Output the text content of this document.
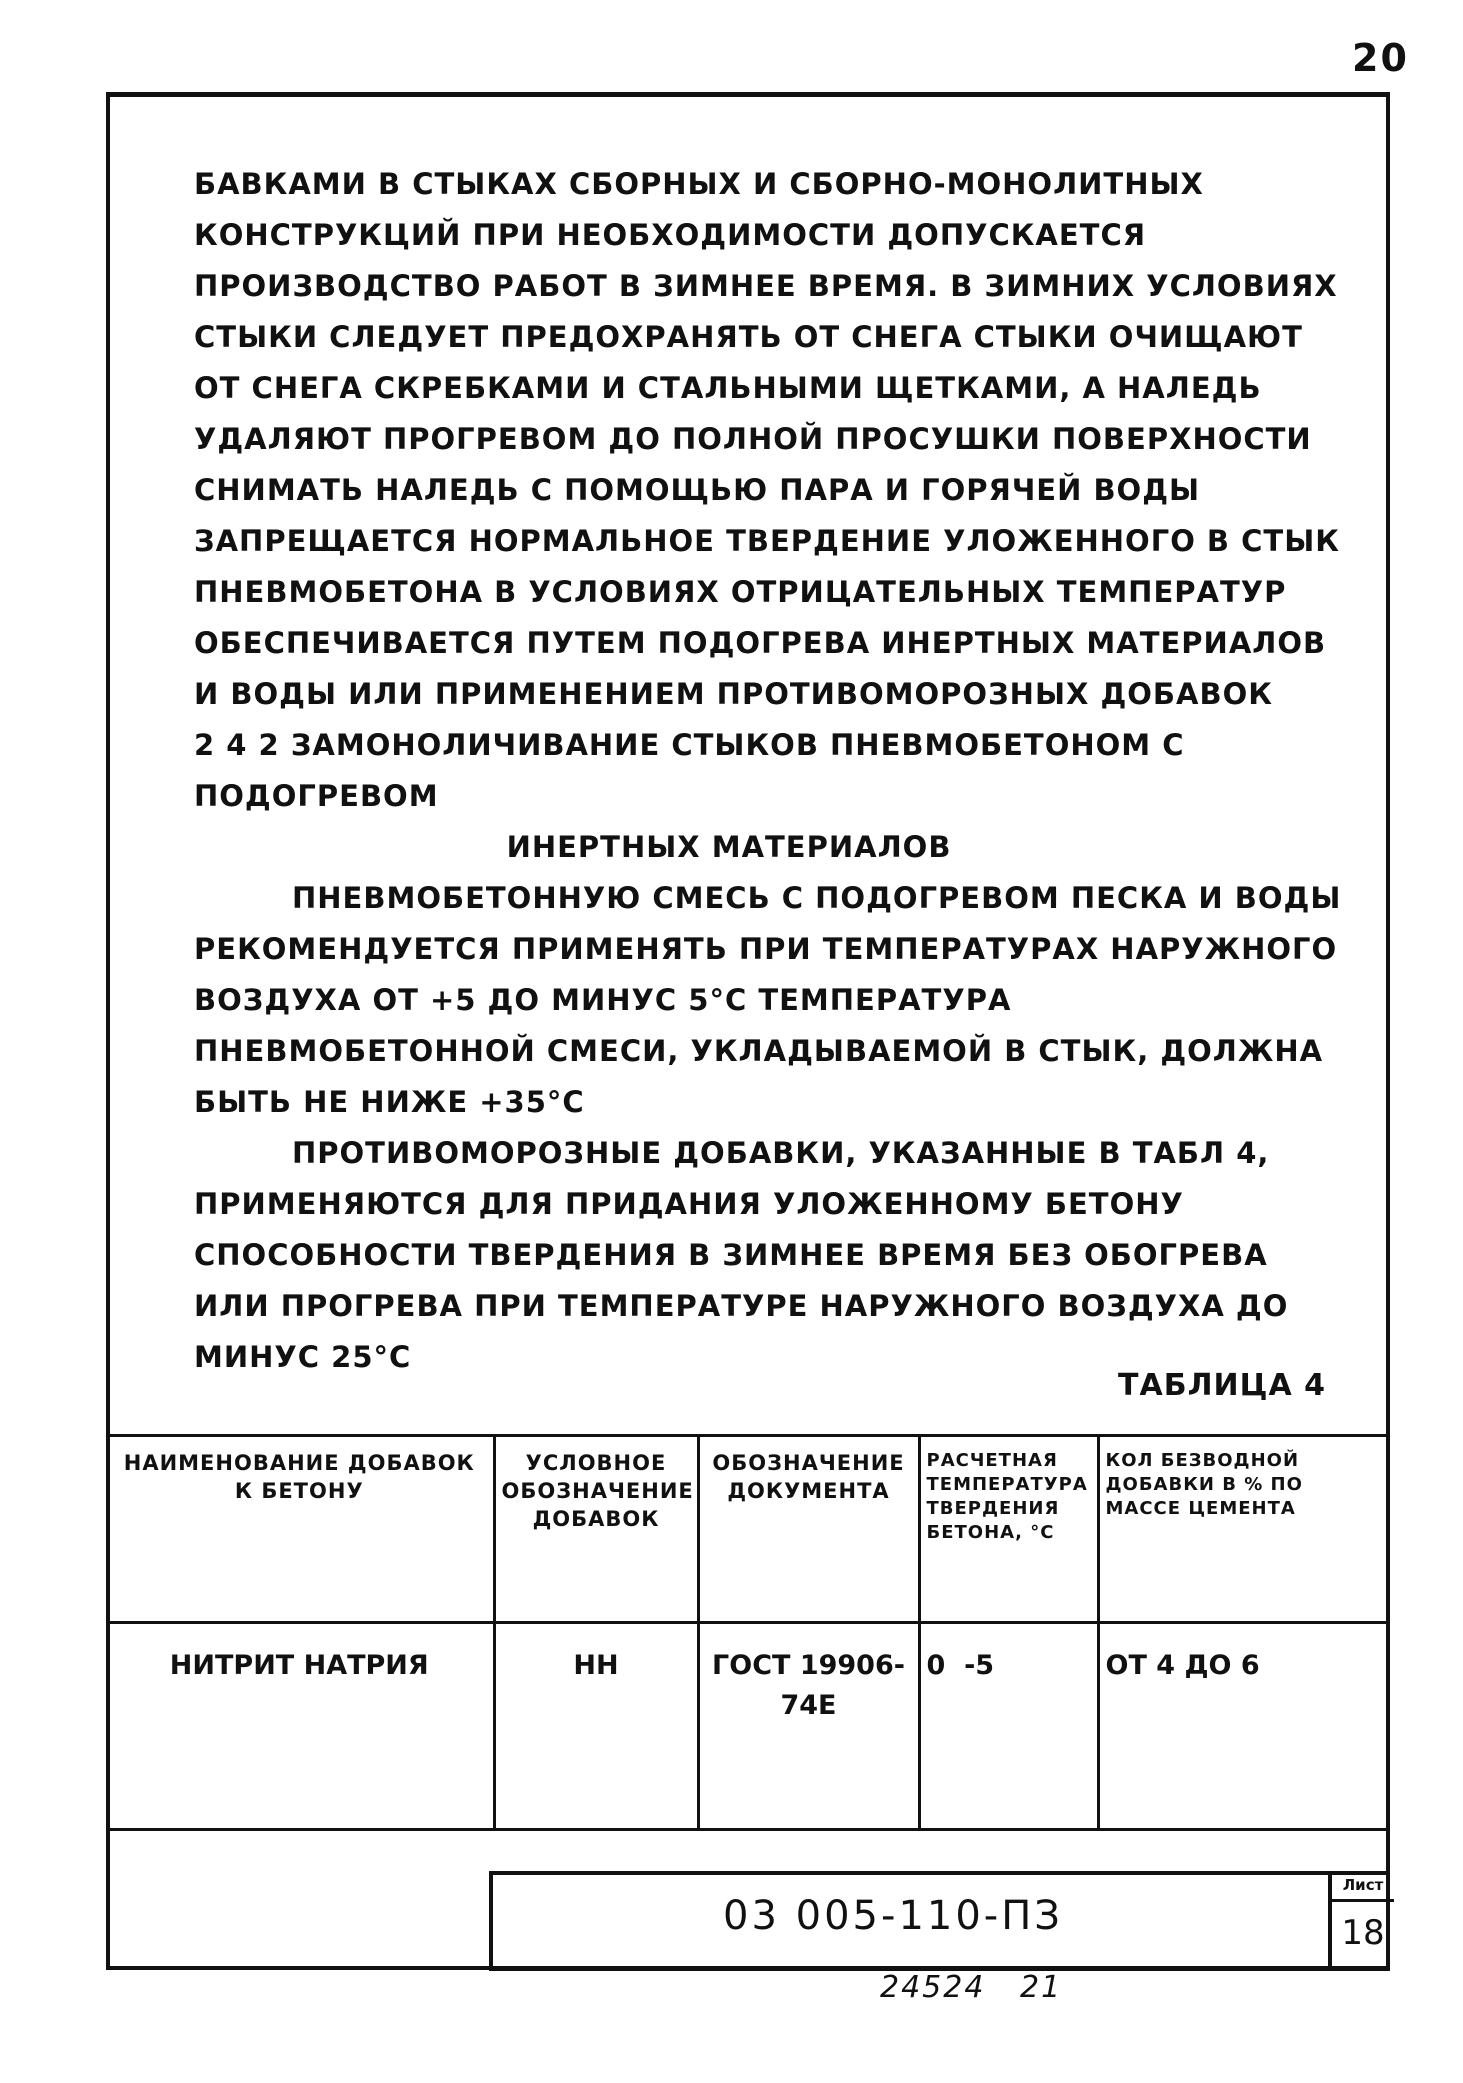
20

БАВКАМИ В СТЫКАХ СБОРНЫХ И СБОРНО-МОНОЛИТНЫХ КОНСТРУКЦИЙ ПРИ НЕОБХОДИМОСТИ ДОПУСКАЕТСЯ ПРОИЗВОДСТВО РАБОТ В ЗИМНЕЕ ВРЕМЯ. В ЗИМНИХ УСЛОВИЯХ СТЫКИ СЛЕДУЕТ ПРЕДОХРАНЯТЬ ОТ СНЕГА СТЫКИ ОЧИЩАЮТ ОТ СНЕГА СКРЕБКАМИ И СТАЛЬНЫМИ ЩЕТКАМИ, А НАЛЕДЬ УДАЛЯЮТ ПРОГРЕВОМ ДО ПОЛНОЙ ПРОСУШКИ ПОВЕРХНОСТИ СНИМАТЬ НАЛЕДЬ С ПОМОЩЬЮ ПАРА И ГОРЯЧЕЙ ВОДЫ ЗАПРЕЩАЕТСЯ НОРМАЛЬНОЕ ТВЕРДЕНИЕ УЛОЖЕННОГО В СТЫК ПНЕВМОБЕТОНА В УСЛОВИЯХ ОТРИЦАТЕЛЬНЫХ ТЕМПЕРАТУР ОБЕСПЕЧИВАЕТСЯ ПУТЕМ ПОДОГРЕВА ИНЕРТНЫХ МАТЕРИАЛОВ И ВОДЫ ИЛИ ПРИМЕНЕНИЕМ ПРОТИВОМОРОЗНЫХ ДОБАВОК

2 4 2 ЗАМОНОЛИЧИВАНИЕ СТЫКОВ ПНЕВМОБЕТОНОМ С ПОДОГРЕВОМ

ИНЕРТНЫХ МАТЕРИАЛОВ

ПНЕВМОБЕТОННУЮ СМЕСЬ С ПОДОГРЕВОМ ПЕСКА И ВОДЫ РЕКОМЕНДУЕТСЯ ПРИМЕНЯТЬ ПРИ ТЕМПЕРАТУРАХ НАРУЖНОГО ВОЗДУХА ОТ +5 ДО МИНУС 5°С ТЕМПЕРАТУРА ПНЕВМОБЕТОННОЙ СМЕСИ, УКЛАДЫВАЕМОЙ В СТЫК, ДОЛЖНА БЫТЬ НЕ НИЖЕ +35°С

ПРОТИВОМОРОЗНЫЕ ДОБАВКИ, УКАЗАННЫЕ В ТАБЛ 4, ПРИМЕНЯЮТСЯ ДЛЯ ПРИДАНИЯ УЛОЖЕННОМУ БЕТОНУ СПОСОБНОСТИ ТВЕРДЕНИЯ В ЗИМНЕЕ ВРЕМЯ БЕЗ ОБОГРЕВА ИЛИ ПРОГРЕВА ПРИ ТЕМПЕРАТУРЕ НАРУЖНОГО ВОЗДУХА ДО МИНУС 25°С

ТАБЛИЦА 4
НАИМЕНОВАНИЕ ДОБАВОК К БЕТОНУ	УСЛОВНОЕ ОБОЗНАЧЕНИЕ ДОБАВОК	ОБОЗНАЧЕНИЕ ДОКУМЕНТА	РАСЧЕТНАЯ ТЕМПЕРАТУРА ТВЕРДЕНИЯ БЕТОНА, °С	КОЛ БЕЗВОДНОЙ ДОБАВКИ В % ПО МАССЕ ЦЕМЕНТА
НИТРИТ НАТРИЯ	НН	ГОСТ 19906-74Е	0  -5	ОТ 4 ДО 6
03 005-110-ПЗ
Лист
18
24524 21
